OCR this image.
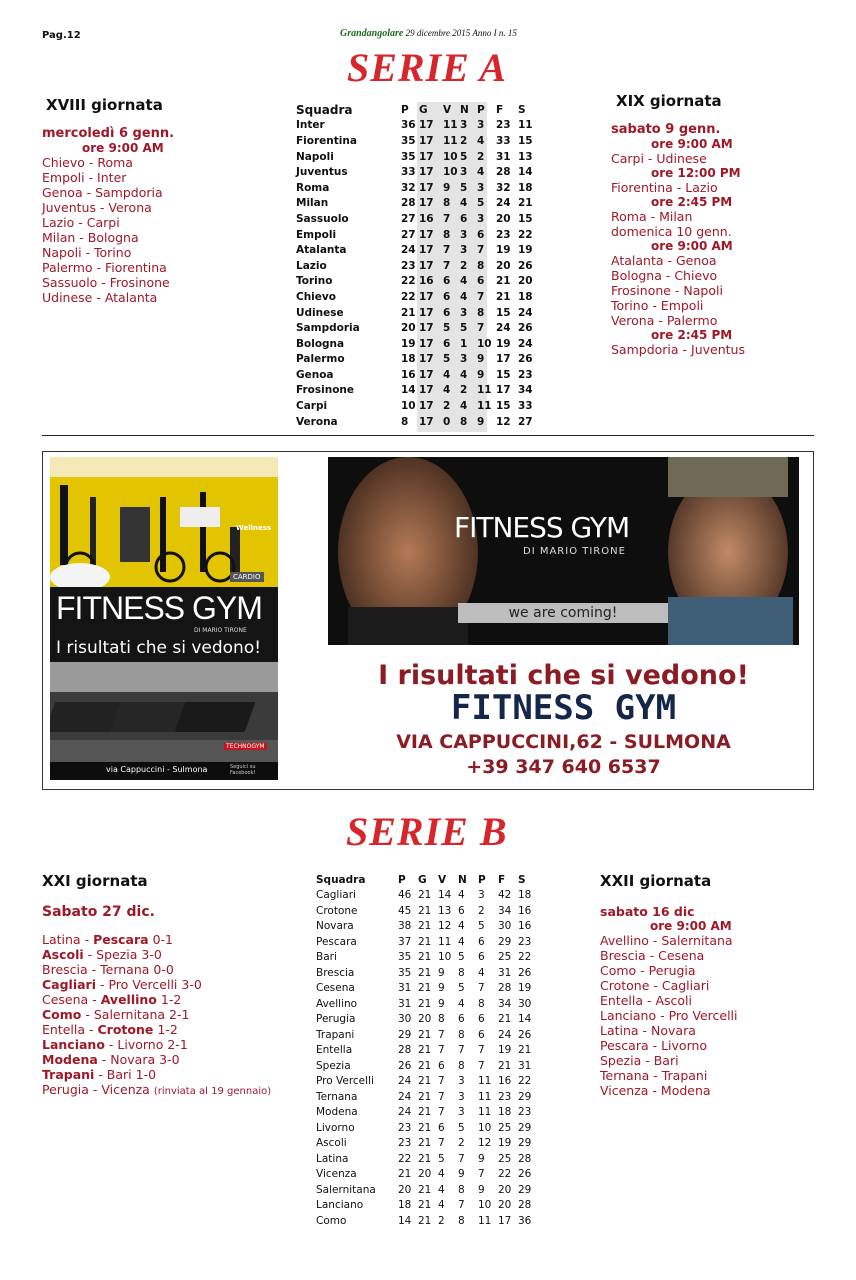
Pag.12	Grandangolare 29 dicembre 2015 Anno I n. 15
SERIE A
XVIII giornata
mercoledì 6 genn.
ore 9:00 AM
Chievo - Roma
Empoli - Inter
Genoa - Sampdoria
Juventus - Verona
Lazio - Carpi
Milan - Bologna
Napoli - Torino
Palermo - Fiorentina
Sassuolo - Frosinone
Udinese - Atalanta
Squadra	P	G	V	N	P	F	S
Inter	36	17	11	3	3	23	11
Fiorentina	35	17	11	2	4	33	15
Napoli	35	17	10	5	2	31	13
Juventus	33	17	10	3	4	28	14
Roma	32	17	9	5	3	32	18
Milan	28	17	8	4	5	24	21
Sassuolo	27	16	7	6	3	20	15
Empoli	27	17	8	3	6	23	22
Atalanta	24	17	7	3	7	19	19
Lazio	23	17	7	2	8	20	26
Torino	22	16	6	4	6	21	20
Chievo	22	17	6	4	7	21	18
Udinese	21	17	6	3	8	15	24
Sampdoria	20	17	5	5	7	24	26
Bologna	19	17	6	1	10	19	24
Palermo	18	17	5	3	9	17	26
Genoa	16	17	4	4	9	15	23
Frosinone	14	17	4	2	11	17	34
Carpi	10	17	2	4	11	15	33
Verona	8	17	0	8	9	12	27
XIX giornata
sabato 9 genn.
ore 9:00 AM
Carpi - Udinese
ore 12:00 PM
Fiorentina - Lazio
ore 2:45 PM
Roma - Milan
domenica 10 genn.
ore 9:00 AM
Atalanta - Genoa
Bologna - Chievo
Frosinone - Napoli
Torino - Empoli
Verona - Palermo
ore 2:45 PM
Sampdoria - Juventus
Wellness
CARDIO
FITNESS GYM
DI MARIO TIRONE
I risultati che si vedono!
via Cappuccini - Sulmona
TECHNOGYM
Seguici su Facebook!
FITNESS GYM
DI MARIO TIRONE
we are coming!
I risultati che si vedono!
FITNESS GYM
VIA CAPPUCCINI,62 - SULMONA
+39 347 640 6537
SERIE B
XXI giornata
Sabato 27 dic.
Latina - Pescara 0-1
Ascoli - Spezia 3-0
Brescia - Ternana 0-0
Cagliari - Pro Vercelli 3-0
Cesena - Avellino 1-2
Como - Salernitana 2-1
Entella - Crotone 1-2
Lanciano - Livorno 2-1
Modena - Novara 3-0
Trapani - Bari 1-0
Perugia - Vicenza (rinviata al 19 gennaio)
Squadra	P	G	V	N	P	F	S
Cagliari	46	21	14	4	3	42	18
Crotone	45	21	13	6	2	34	16
Novara	38	21	12	4	5	30	16
Pescara	37	21	11	4	6	29	23
Bari	35	21	10	5	6	25	22
Brescia	35	21	9	8	4	31	26
Cesena	31	21	9	5	7	28	19
Avellino	31	21	9	4	8	34	30
Perugia	30	20	8	6	6	21	14
Trapani	29	21	7	8	6	24	26
Entella	28	21	7	7	7	19	21
Spezia	26	21	6	8	7	21	31
Pro Vercelli	24	21	7	3	11	16	22
Ternana	24	21	7	3	11	23	29
Modena	24	21	7	3	11	18	23
Livorno	23	21	6	5	10	25	29
Ascoli	23	21	7	2	12	19	29
Latina	22	21	5	7	9	25	28
Vicenza	21	20	4	9	7	22	26
Salernitana	20	21	4	8	9	20	29
Lanciano	18	21	4	7	10	20	28
Como	14	21	2	8	11	17	36
XXII giornata
sabato 16 dic
ore 9:00 AM
Avellino - Salernitana
Brescia - Cesena
Como - Perugia
Crotone - Cagliari
Entella - Ascoli
Lanciano - Pro Vercelli
Latina - Novara
Pescara - Livorno
Spezia - Bari
Ternana - Trapani
Vicenza - Modena
